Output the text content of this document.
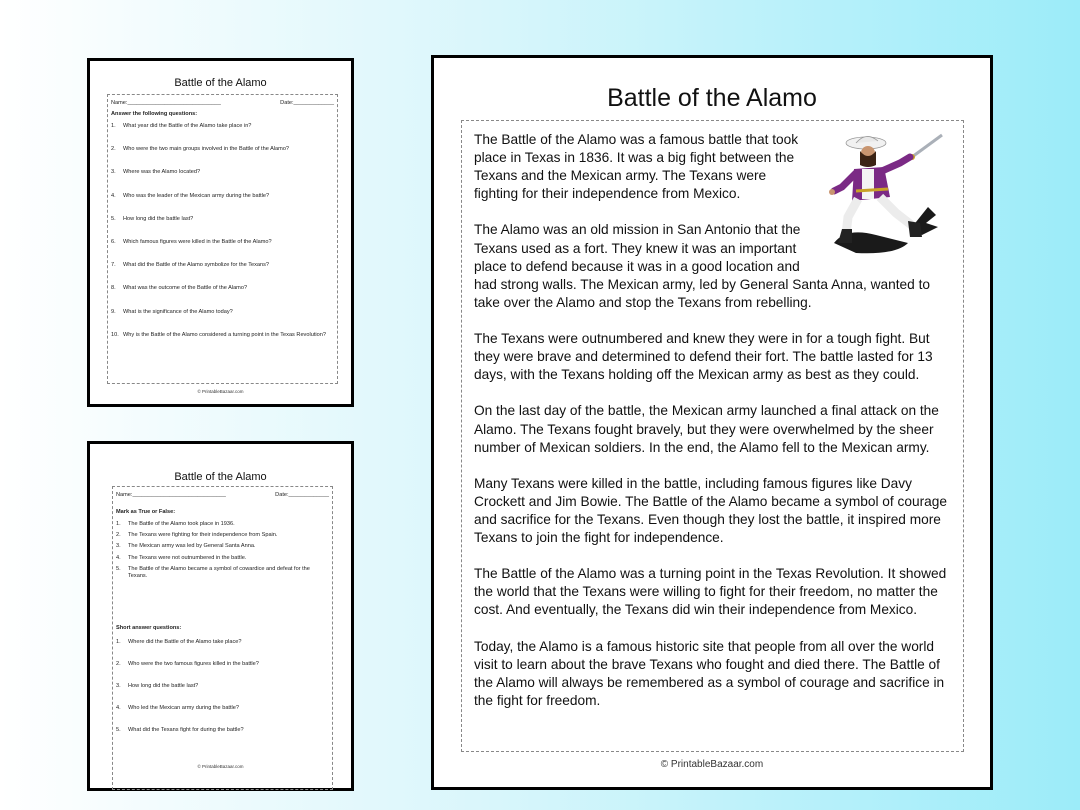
Battle of the Alamo
Name:______________________________	Date:_____________
Answer the following questions:
1.	What year did the Battle of the Alamo take place in?
2.	Who were the two main groups involved in the Battle of the Alamo?
3.	Where was the Alamo located?
4.	Who was the leader of the Mexican army during the battle?
5.	How long did the battle last?
6.	Which famous figures were killed in the Battle of the Alamo?
7.	What did the Battle of the Alamo symbolize for the Texans?
8.	What was the outcome of the Battle of the Alamo?
9.	What is the significance of the Alamo today?
10. Why is the Battle of the Alamo considered a turning point in the Texas Revolution?
© PrintableBazaar.com
Battle of the Alamo
Name:______________________________	Date:_____________
Mark as True or False:
1.	The Battle of the Alamo took place in 1936.
2.	The Texans were fighting for their independence from Spain.
3.	The Mexican army was led by General Santa Anna.
4.	The Texans were not outnumbered in the battle.
5.	The Battle of the Alamo became a symbol of cowardice and defeat for the Texans.
Short answer questions:
1.	Where did the Battle of the Alamo take place?
2.	Who were the two famous figures killed in the battle?
3.	How long did the battle last?
4.	Who led the Mexican army during the battle?
5.	What did the Texans fight for during the battle?
© PrintableBazaar.com
Battle of the Alamo

The Battle of the Alamo was a famous battle that took place in Texas in 1836. It was a big fight between the Texans and the Mexican army. The Texans were fighting for their independence from Mexico.

The Alamo was an old mission in San Antonio that the Texans used as a fort. They knew it was an important place to defend because it was in a good location and had strong walls. The Mexican army, led by General Santa Anna, wanted to take over the Alamo and stop the Texans from rebelling.

The Texans were outnumbered and knew they were in for a tough fight. But they were brave and determined to defend their fort. The battle lasted for 13 days, with the Texans holding off the Mexican army as best as they could.

On the last day of the battle, the Mexican army launched a final attack on the Alamo. The Texans fought bravely, but they were overwhelmed by the sheer number of Mexican soldiers. In the end, the Alamo fell to the Mexican army.

Many Texans were killed in the battle, including famous figures like Davy Crockett and Jim Bowie. The Battle of the Alamo became a symbol of courage and sacrifice for the Texans. Even though they lost the battle, it inspired more Texans to join the fight for independence.

The Battle of the Alamo was a turning point in the Texas Revolution. It showed the world that the Texans were willing to fight for their freedom, no matter the cost. And eventually, the Texans did win their independence from Mexico.

Today, the Alamo is a famous historic site that people from all over the world visit to learn about the brave Texans who fought and died there. The Battle of the Alamo will always be remembered as a symbol of courage and sacrifice in the fight for freedom.

© PrintableBazaar.com
